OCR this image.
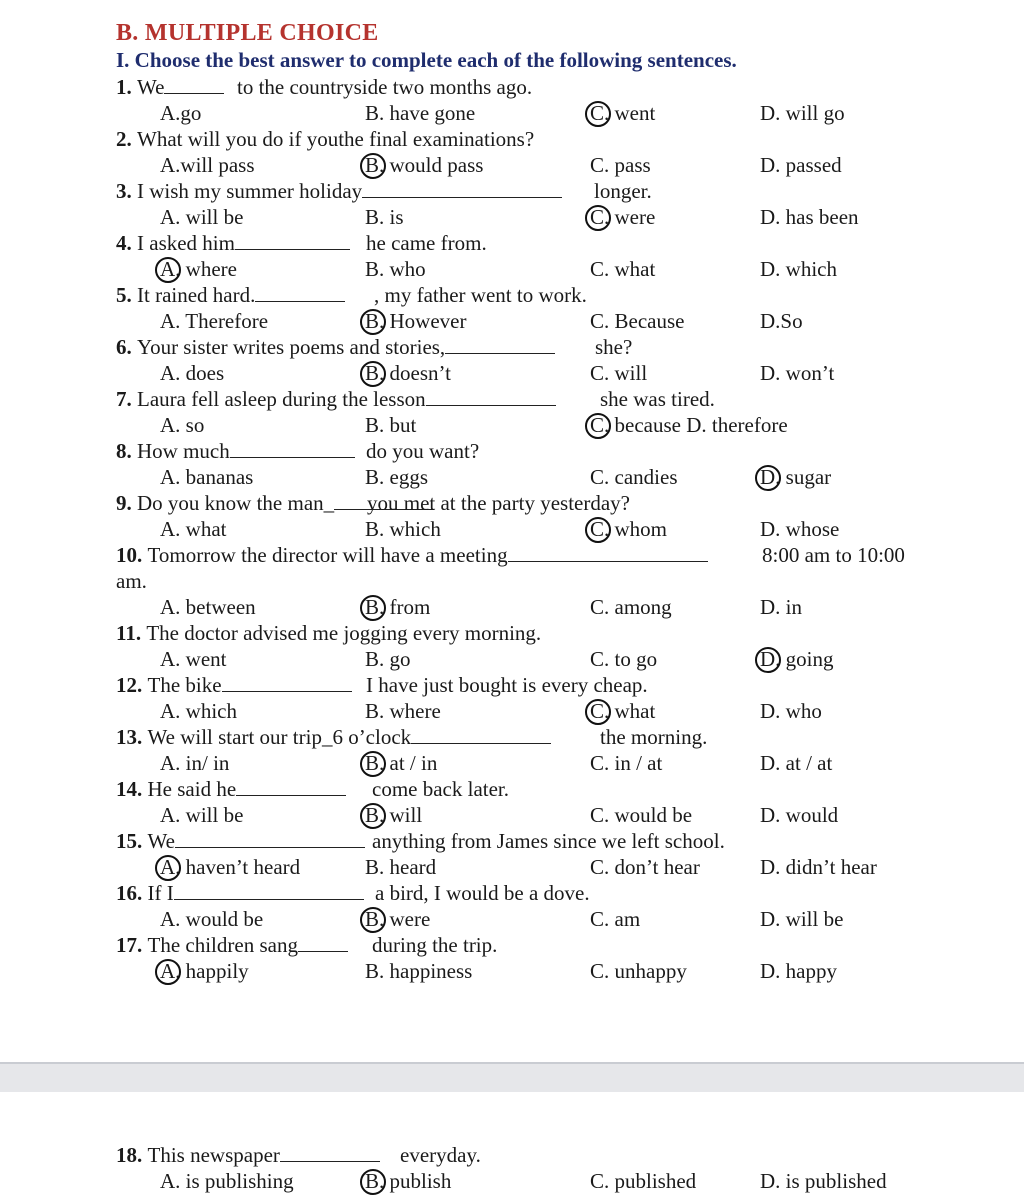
B. MULTIPLE CHOICE
I. Choose the best answer to complete each of the following sentences.
1. We	to the countryside two months ago.
A.go	B. have gone	C. went	D. will go
2. What will you do if youthe final examinations?
A.will pass	B. would pass	C. pass	D. passed
3. I wish my summer holiday	longer.
A. will be	B. is	C. were	D. has been
4. I asked him	he came from.
A. where	B. who	C. what	D. which
5. It rained hard.	, my father went to work.
A. Therefore	B. However	C. Because	D.So
6. Your sister writes poems and stories,	she?
A. does	B. doesn’t	C. will	D. won’t
7. Laura fell asleep during the lesson	she was tired.
A. so	B. but	C. because D. therefore
8. How much	do you want?
A. bananas	B. eggs	C. candies	D. sugar
9. Do you know the man_ you met at the party yesterday?
A. what	B. which	C. whom	D. whose
10. Tomorrow the director will have a meeting	8:00 am to 10:00
am.
A. between	B. from	C. among	D. in
11. The doctor advised me jogging every morning.
A. went	B. go	C. to go	D. going
12. The bike	I have just bought is every cheap.
A. which	B. where	C. what	D. who
13. We will start our trip_6 o’clock	the morning.
A. in/ in	B. at / in	C. in / at	D. at / at
14. He said he	come back later.
A. will be	B. will	C. would be	D. would
15. We	anything from James since we left school.
A. haven’t heard	B. heard	C. don’t hear	D. didn’t hear
16. If I	a bird, I would be a dove.
A. would be	B. were	C. am	D. will be
17. The children sang	during the trip.
A. happily	B. happiness	C. unhappy	D. happy
18. This newspaper	everyday.
A. is publishing	B. publish	C. published	D. is published
